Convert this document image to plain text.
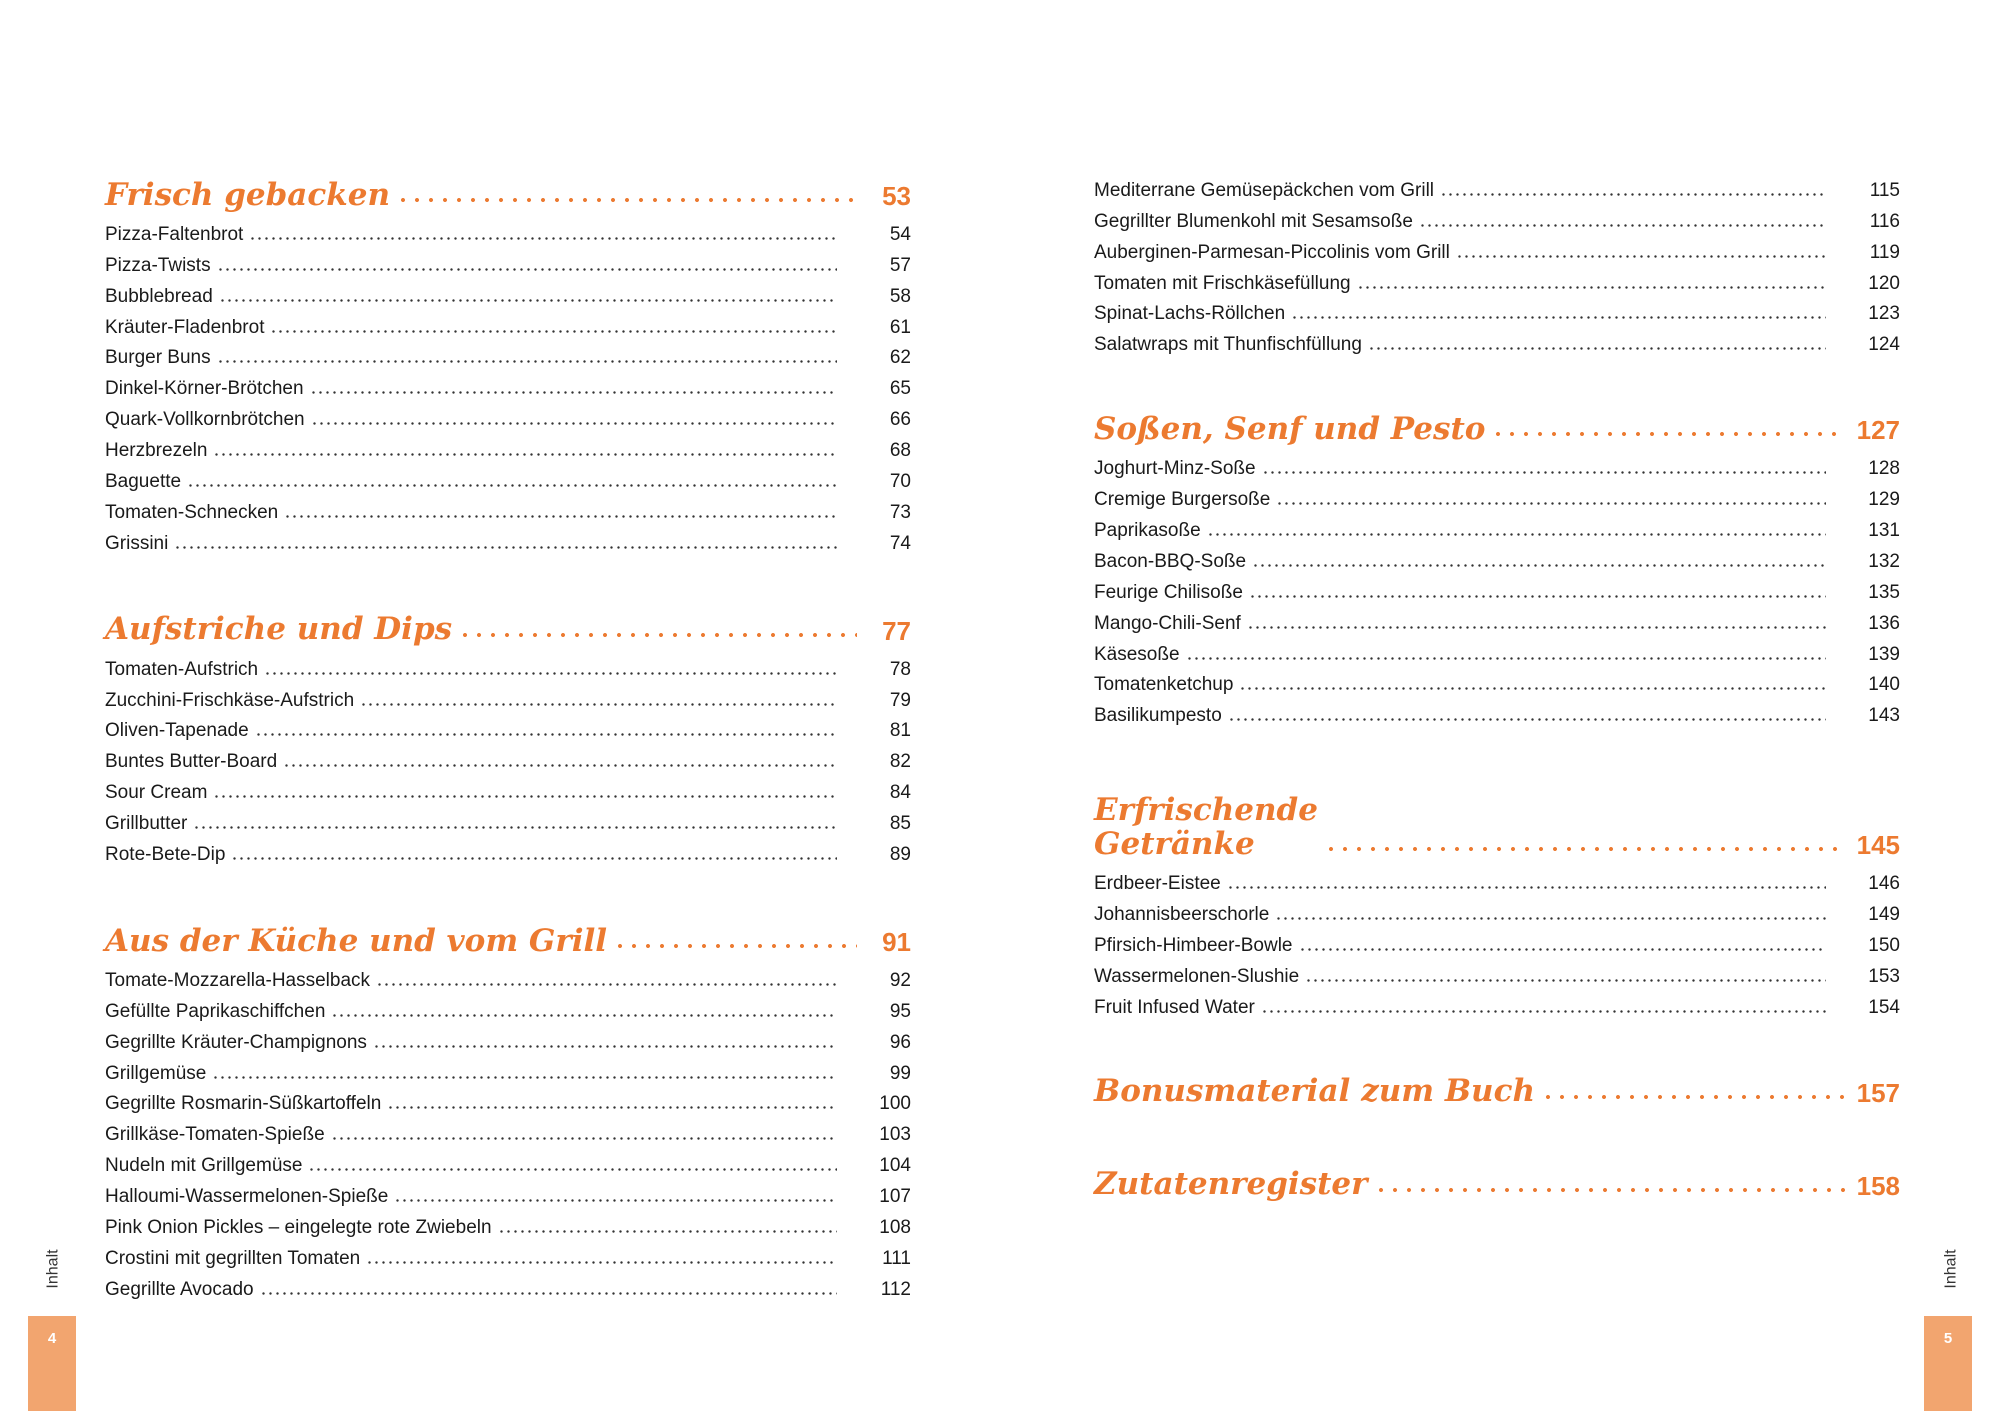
Frisch gebacken	53
Pizza-Faltenbrot	54
Pizza-Twists	57
Bubblebread	58
Kräuter-Fladenbrot	61
Burger Buns	62
Dinkel-Körner-Brötchen	65
Quark-Vollkornbrötchen	66
Herzbrezeln	68
Baguette	70
Tomaten-Schnecken	73
Grissini	74
Aufstriche und Dips	77
Tomaten-Aufstrich	78
Zucchini-Frischkäse-Aufstrich	79
Oliven-Tapenade	81
Buntes Butter-Board	82
Sour Cream	84
Grillbutter	85
Rote-Bete-Dip	89
Aus der Küche und vom Grill	91
Tomate-Mozzarella-Hasselback	92
Gefüllte Paprikaschiffchen	95
Gegrillte Kräuter-Champignons	96
Grillgemüse	99
Gegrillte Rosmarin-Süßkartoffeln	100
Grillkäse-Tomaten-Spieße	103
Nudeln mit Grillgemüse	104
Halloumi-Wassermelonen-Spieße	107
Pink Onion Pickles – eingelegte rote Zwiebeln	108
Crostini mit gegrillten Tomaten	111
Gegrillte Avocado	112
Mediterrane Gemüsepäckchen vom Grill	115
Gegrillter Blumenkohl mit Sesamsoße	116
Auberginen-Parmesan-Piccolinis vom Grill	119
Tomaten mit Frischkäsefüllung	120
Spinat-Lachs-Röllchen	123
Salatwraps mit Thunfischfüllung	124
Soßen, Senf und Pesto	127
Joghurt-Minz-Soße	128
Cremige Burgersoße	129
Paprikasoße	131
Bacon-BBQ-Soße	132
Feurige Chilisoße	135
Mango-Chili-Senf	136
Käsesoße	139
Tomatenketchup	140
Basilikumpesto	143
Erfrischende
Getränke	145
Erdbeer-Eistee	146
Johannisbeerschorle	149
Pfirsich-Himbeer-Bowle	150
Wassermelonen-Slushie	153
Fruit Infused Water	154
Bonusmaterial zum Buch	157
Zutatenregister	158
Inhalt
4
Inhalt
5
